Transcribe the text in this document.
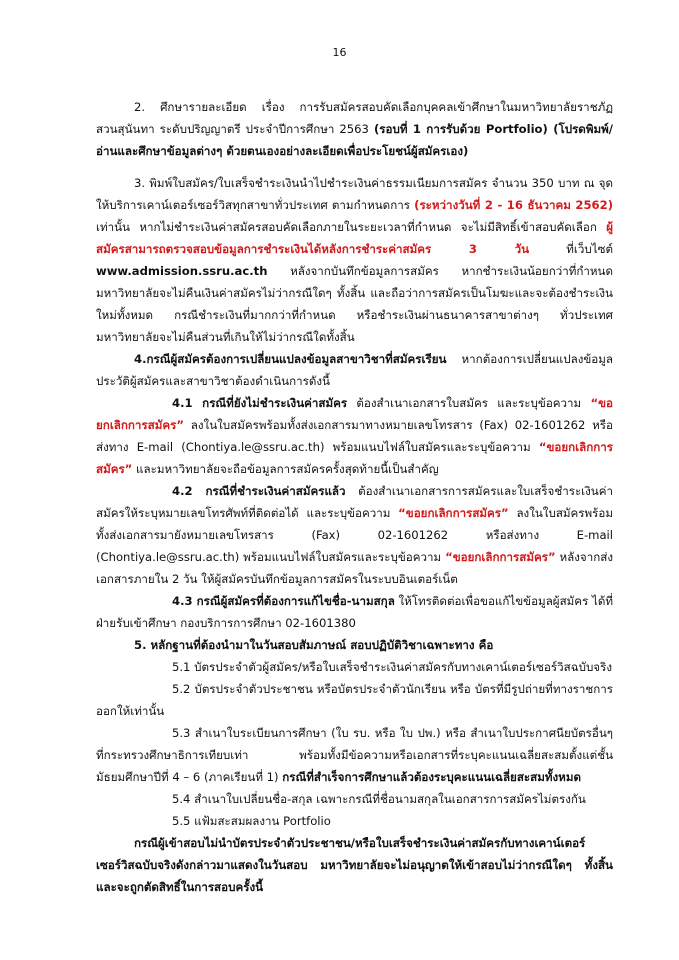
16

2. ศึกษารายละเอียด เรื่อง การรับสมัครสอบคัดเลือกบุคคลเข้าศึกษาในมหาวิทยาลัยราชภัฏสวนสุนันทา ระดับปริญญาตรี ประจำปีการศึกษา 2563 (รอบที่ 1 การรับด้วย Portfolio) (โปรดพิมพ์/อ่านและศึกษาข้อมูลต่างๆ ด้วยตนเองอย่างละเอียดเพื่อประโยชน์ผู้สมัครเอง)

3. พิมพ์ใบสมัคร/ใบเสร็จชำระเงินนำไปชำระเงินค่าธรรมเนียมการสมัคร จำนวน 350 บาท ณ จุดให้บริการเคาน์เตอร์เซอร์วิสทุกสาขาทั่วประเทศ ตามกำหนดการ (ระหว่างวันที่ 2 - 16 ธันวาคม 2562) เท่านั้น หากไม่ชำระเงินค่าสมัครสอบคัดเลือกภายในระยะเวลาที่กำหนด จะไม่มีสิทธิ์เข้าสอบคัดเลือก ผู้สมัครสามารถตรวจสอบข้อมูลการชำระเงินได้หลังการชำระค่าสมัคร 3 วัน ที่เว็บไซต์ www.admission.ssru.ac.th หลังจากบันทึกข้อมูลการสมัคร หากชำระเงินน้อยกว่าที่กำหนดมหาวิทยาลัยจะไม่คืนเงินค่าสมัครไม่ว่ากรณีใดๆ ทั้งสิ้น และถือว่าการสมัครเป็นโมฆะและจะต้องชำระเงินใหม่ทั้งหมด กรณีชำระเงินที่มากกว่าที่กำหนด หรือชำระเงินผ่านธนาคารสาขาต่างๆ ทั่วประเทศ มหาวิทยาลัยจะไม่คืนส่วนที่เกินให้ไม่ว่ากรณีใดทั้งสิ้น

4.กรณีผู้สมัครต้องการเปลี่ยนแปลงข้อมูลสาขาวิชาที่สมัครเรียน หากต้องการเปลี่ยนแปลงข้อมูลประวัติผู้สมัครและสาขาวิชาต้องดำเนินการดังนี้

4.1 กรณีที่ยังไม่ชำระเงินค่าสมัคร ต้องสำเนาเอกสารใบสมัคร และระบุข้อความ “ขอยกเลิกการสมัคร” ลงในใบสมัครพร้อมทั้งส่งเอกสารมาทางหมายเลขโทรสาร (Fax) 02-1601262 หรือส่งทาง E-mail (Chontiya.le@ssru.ac.th) พร้อมแนบไฟล์ใบสมัครและระบุข้อความ “ขอยกเลิกการสมัคร” และมหาวิทยาลัยจะถือข้อมูลการสมัครครั้งสุดท้ายนี้เป็นสำคัญ

4.2 กรณีที่ชำระเงินค่าสมัครแล้ว ต้องสำเนาเอกสารการสมัครและใบเสร็จชำระเงินค่าสมัครให้ระบุหมายเลขโทรศัพท์ที่ติดต่อได้ และระบุข้อความ “ขอยกเลิกการสมัคร” ลงในใบสมัครพร้อมทั้งส่งเอกสารมายังหมายเลขโทรสาร (Fax) 02-1601262 หรือส่งทาง E-mail (Chontiya.le@ssru.ac.th) พร้อมแนบไฟล์ใบสมัครและระบุข้อความ “ขอยกเลิกการสมัคร” หลังจากส่งเอกสารภายใน 2 วัน ให้ผู้สมัครบันทึกข้อมูลการสมัครในระบบอินเตอร์เน็ต

4.3 กรณีผู้สมัครที่ต้องการแก้ไขชื่อ-นามสกุล ให้โทรติดต่อเพื่อขอแก้ไขข้อมูลผู้สมัคร ได้ที่ฝ่ายรับเข้าศึกษา กองบริการการศึกษา 02-1601380

5. หลักฐานที่ต้องนำมาในวันสอบสัมภาษณ์ สอบปฏิบัติวิชาเฉพาะทาง คือ

5.1 บัตรประจำตัวผู้สมัคร/หรือใบเสร็จชำระเงินค่าสมัครกับทางเคาน์เตอร์เซอร์วิสฉบับจริง

5.2 บัตรประจำตัวประชาชน หรือบัตรประจำตัวนักเรียน หรือ บัตรที่มีรูปถ่ายที่ทางราชการออกให้เท่านั้น

5.3 สำเนาใบระเบียนการศึกษา (ใบ รบ. หรือ ใบ ปพ.) หรือ สำเนาใบประกาศนียบัตรอื่นๆ ที่กระทรวงศึกษาธิการเทียบเท่า พร้อมทั้งมีข้อความหรือเอกสารที่ระบุคะแนนเฉลี่ยสะสมตั้งแต่ชั้นมัธยมศึกษาปีที่ 4 – 6 (ภาคเรียนที่ 1) กรณีที่สำเร็จการศึกษาแล้วต้องระบุคะแนนเฉลี่ยสะสมทั้งหมด

5.4 สำเนาใบเปลี่ยนชื่อ-สกุล เฉพาะกรณีที่ชื่อนามสกุลในเอกสารการสมัครไม่ตรงกัน

5.5 แฟ้มสะสมผลงาน Portfolio

กรณีผู้เข้าสอบไม่นำบัตรประจำตัวประชาชน/หรือใบเสร็จชำระเงินค่าสมัครกับทางเคาน์เตอร์เซอร์วิสฉบับจริงดังกล่าวมาแสดงในวันสอบ มหาวิทยาลัยจะไม่อนุญาตให้เข้าสอบไม่ว่ากรณีใดๆ ทั้งสิ้น และจะถูกตัดสิทธิ์ในการสอบครั้งนี้
